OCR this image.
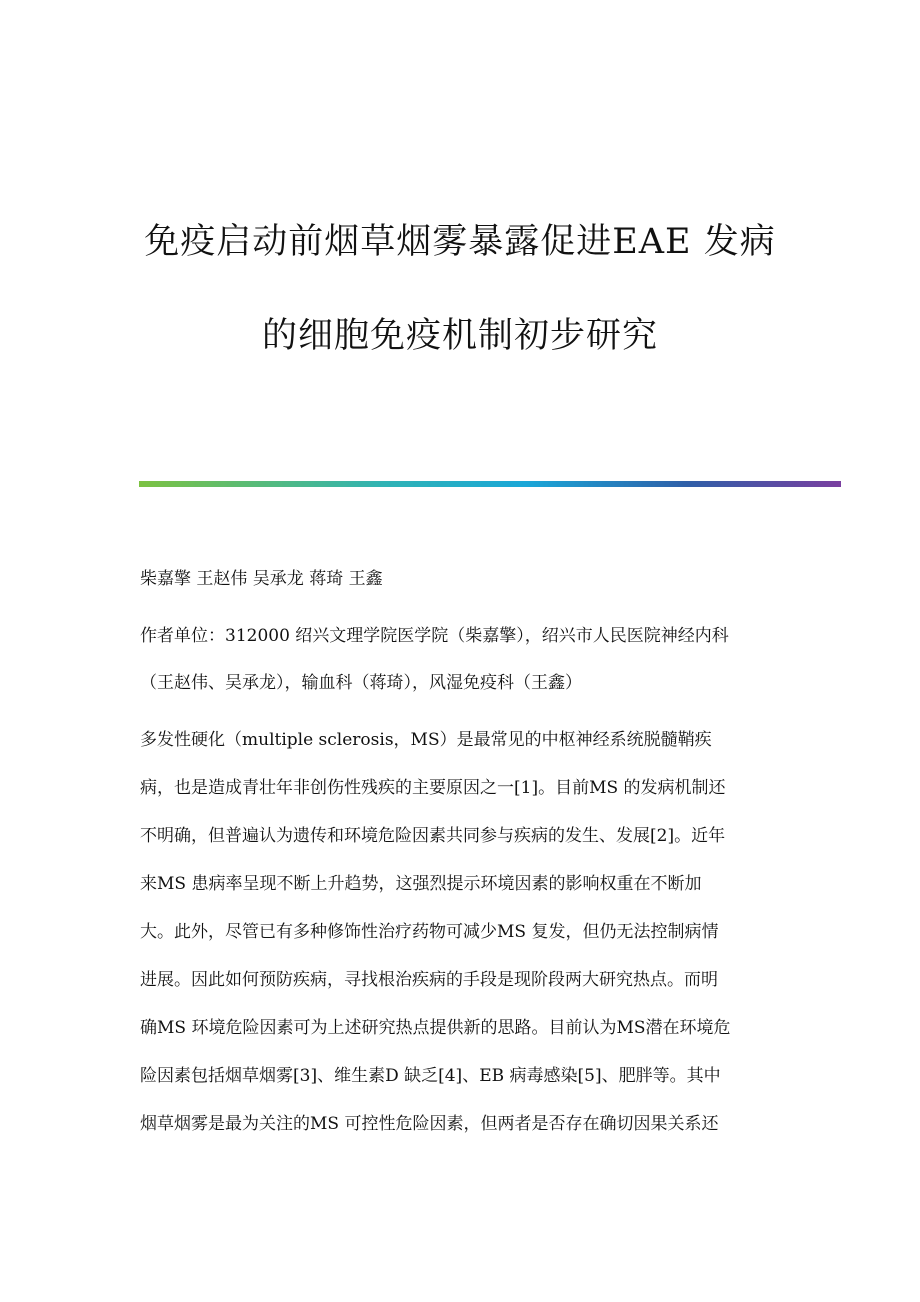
免疫启动前烟草烟雾暴露促进EAE 发病
的细胞免疫机制初步研究

柴嘉擎 王赵伟 吴承龙 蒋琦 王鑫

作者单位：312000 绍兴文理学院医学院（柴嘉擎），绍兴市人民医院神经内科

（王赵伟、吴承龙），输血科（蒋琦），风湿免疫科（王鑫）

多发性硬化（multiple sclerosis，MS）是最常见的中枢神经系统脱髓鞘疾

病，也是造成青壮年非创伤性残疾的主要原因之一[1]。目前MS 的发病机制还

不明确，但普遍认为遗传和环境危险因素共同参与疾病的发生、发展[2]。近年

来MS 患病率呈现不断上升趋势，这强烈提示环境因素的影响权重在不断加

大。此外，尽管已有多种修饰性治疗药物可减少MS 复发，但仍无法控制病情

进展。因此如何预防疾病，寻找根治疾病的手段是现阶段两大研究热点。而明

确MS 环境危险因素可为上述研究热点提供新的思路。目前认为MS潜在环境危

险因素包括烟草烟雾[3]、维生素D 缺乏[4]、EB 病毒感染[5]、肥胖等。其中

烟草烟雾是最为关注的MS 可控性危险因素，但两者是否存在确切因果关系还
